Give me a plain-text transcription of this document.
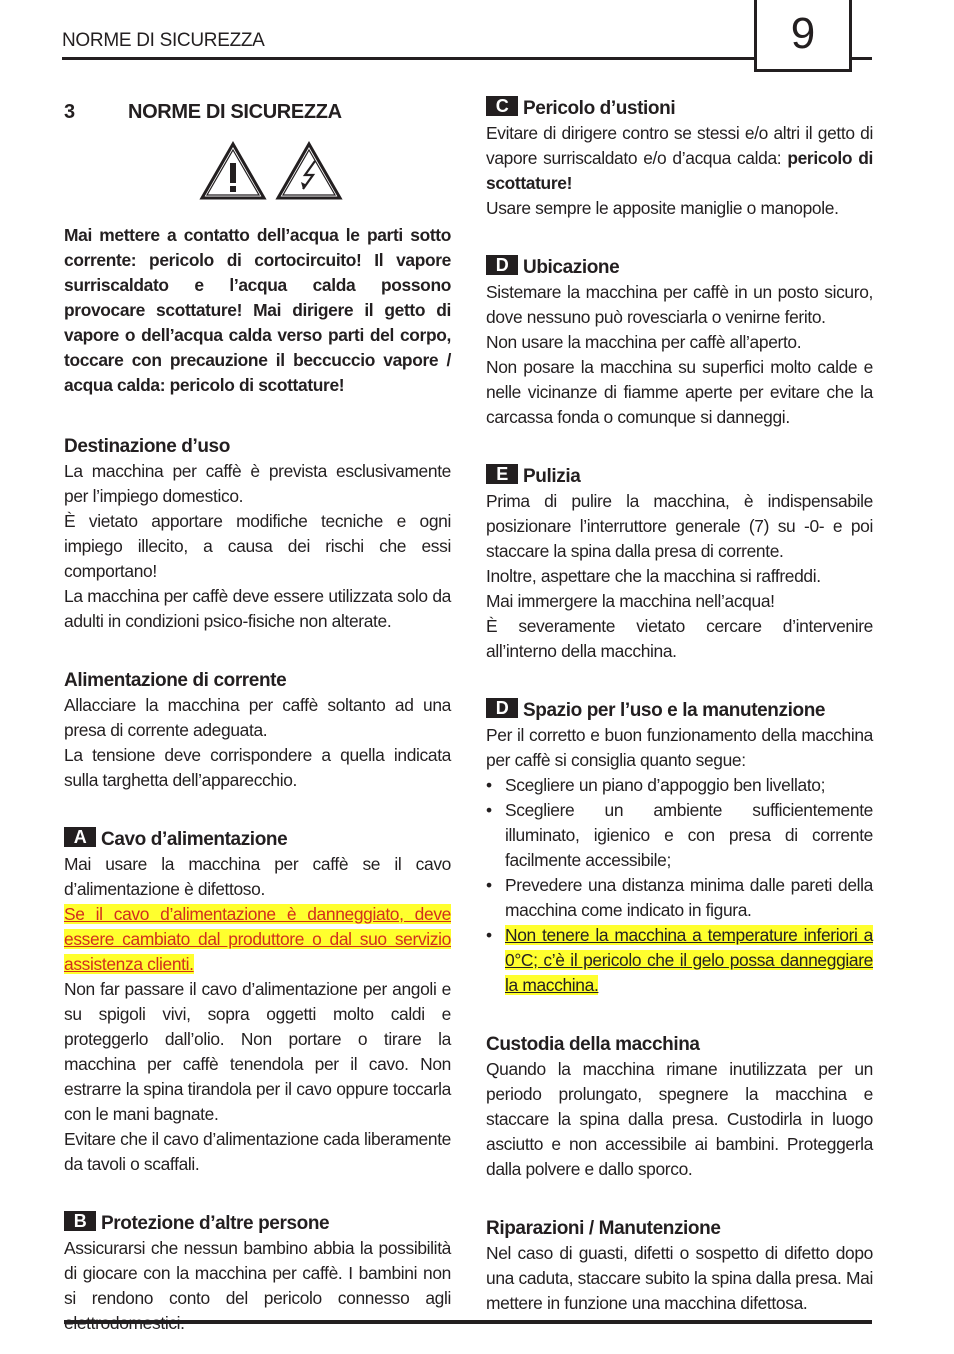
NORME DI SICUREZZA	9
3	NORME DI SICUREZZA

Mai mettere a contatto dell’acqua le parti sotto corrente: pericolo di cortocircuito! Il vapore surriscaldato e l’acqua calda possono provocare scottature! Mai dirigere il getto di vapore o dell’acqua calda verso parti del corpo, toccare con precauzione il beccuccio vapore / acqua calda: pericolo di scottature!

Destinazione d’uso

La macchina per caffè è prevista esclusivamente per l’impiego domestico.

È vietato apportare modifiche tecniche e ogni impiego illecito, a causa dei rischi che essi comportano!

La macchina per caffè deve essere utilizzata solo da adulti in condizioni psico-fisiche non alterate.

Alimentazione di corrente

Allacciare la macchina per caffè soltanto ad una presa di corrente adeguata.

La tensione deve corrispondere a quella indicata sulla targhetta dell’apparecchio.

A Cavo d’alimentazione

Mai usare la macchina per caffè se il cavo d’alimentazione è difettoso.

Se il cavo d’alimentazione è danneggiato, deve essere cambiato dal produttore o dal suo servizio assistenza clienti.

Non far passare il cavo d’alimentazione per angoli e su spigoli vivi, sopra oggetti molto caldi e proteggerlo dall’olio. Non portare o tirare la macchina per caffè tenendola per il cavo. Non estrarre la spina tirandola per il cavo oppure toccarla con le mani bagnate.

Evitare che il cavo d’alimentazione cada liberamente da tavoli o scaffali.

B Protezione d’altre persone

Assicurarsi che nessun bambino abbia la possibilità di giocare con la macchina per caffè. I bambini non si rendono conto del pericolo connesso agli

C Pericolo d’ustioni

Evitare di dirigere contro se stessi e/o altri il getto di vapore surriscaldato e/o d’acqua calda: pericolo di scottature!

Usare sempre le apposite maniglie o manopole.

D Ubicazione

Sistemare la macchina per caffè in un posto sicuro, dove nessuno può rovesciarla o venirne ferito.

Non usare la macchina per caffè all’aperto.

Non posare la macchina su superfici molto calde e nelle vicinanze di fiamme aperte per evitare che la carcassa fonda o comunque si danneggi.

E Pulizia

Prima di pulire la macchina, è indispensabile posizionare l’interruttore generale (7) su -0- e poi staccare la spina dalla presa di corrente.

Inoltre, aspettare che la macchina si raffreddi.

Mai immergere la macchina nell’acqua!

È severamente vietato cercare d’intervenire all’interno della macchina.

D Spazio per l’uso e la manutenzione

Per il corretto e buon funzionamento della macchina per caffè si consiglia quanto segue:

• Scegliere un piano d’appoggio ben livellato;
• Scegliere un ambiente sufficientemente illuminato, igienico e con presa di corrente facilmente accessibile;
• Prevedere una distanza minima dalle pareti della macchina come indicato in figura.
• Non tenere la macchina a temperature inferiori a 0°C; c’è il pericolo che il gelo possa danneggiare la macchina.
Custodia della macchina

Quando la macchina rimane inutilizzata per un periodo prolungato, spegnere la macchina e staccare la spina dalla presa. Custodirla in luogo asciutto e non accessibile ai bambini. Proteggerla dalla polvere e dallo sporco.

Riparazioni / Manutenzione

Nel caso di guasti, difetti o sospetto di difetto dopo una caduta, staccare subito la spina dalla presa. Mai mettere in funzione una macchina difettosa.
